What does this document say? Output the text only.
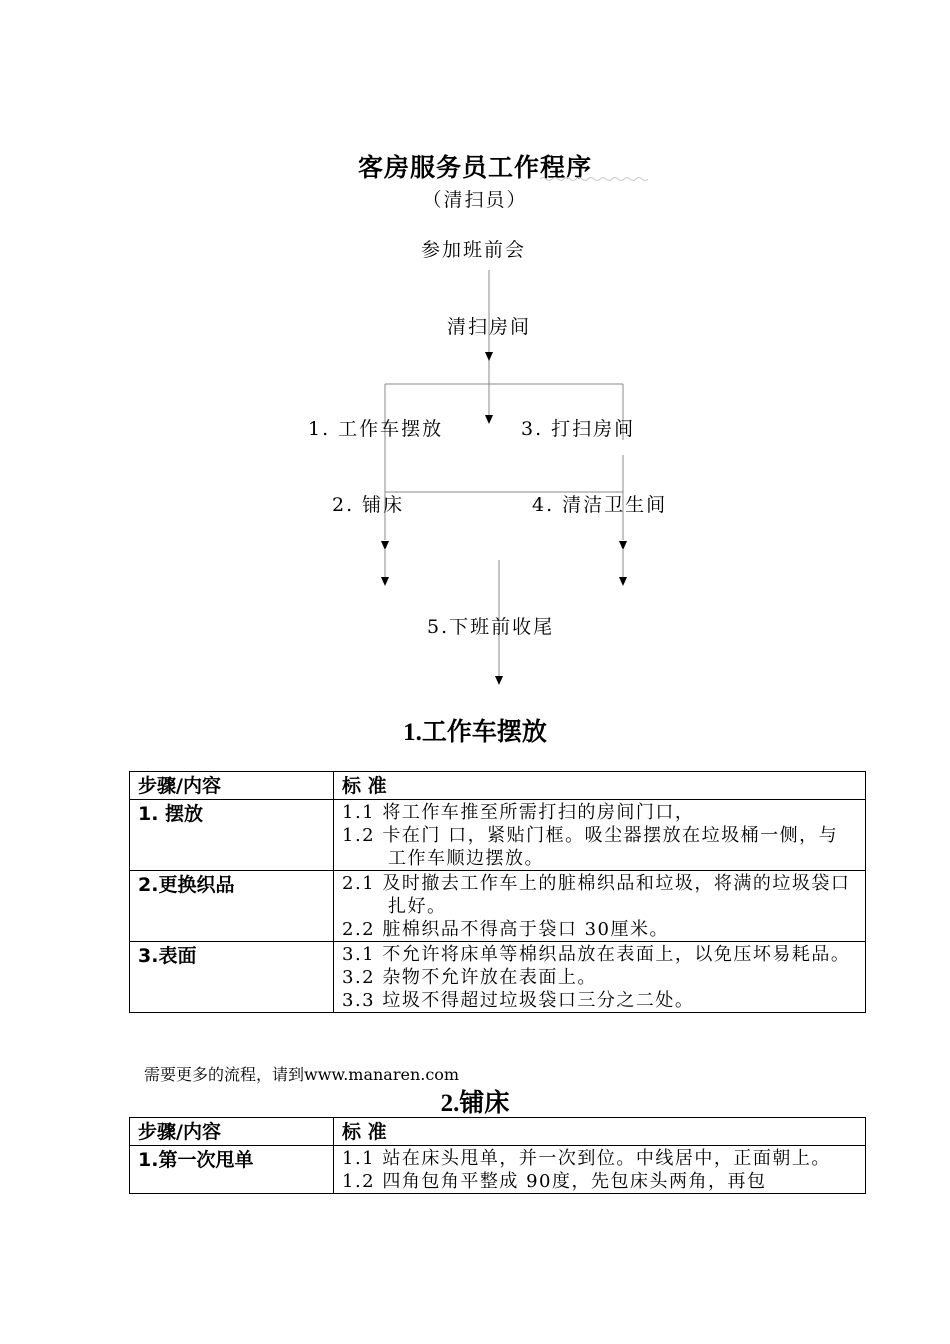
客房服务员工作程序
（清扫员）
参加班前会
清扫房间
1. 工作车摆放	3. 打扫房间
2. 铺床	4. 清洁卫生间
5.下班前收尾
1.工作车摆放
步骤/内容	标 准
1. 摆放	1.1 将工作车推至所需打扫的房间门口，
1.2 卡在门 口，紧贴门框。吸尘器摆放在垃圾桶一侧，与 工作车顺边摆放。

2.更换织品	2.1 及时撤去工作车上的脏棉织品和垃圾，将满的垃圾袋口扎好。
2.2 脏棉织品不得高于袋口 30厘米。

3.表面	3.1 不允许将床单等棉织品放在表面上，以免压坏易耗品。
3.2 杂物不允许放在表面上。
3.3 垃圾不得超过垃圾袋口三分之二处。
需要更多的流程，请到www.manaren.com
2.铺床
步骤/内容	标 准
1.第一次甩单	1.1 站在床头甩单，并一次到位。中线居中，正面朝上。
1.2 四角包角平整成 90度，先包床头两角，再包
